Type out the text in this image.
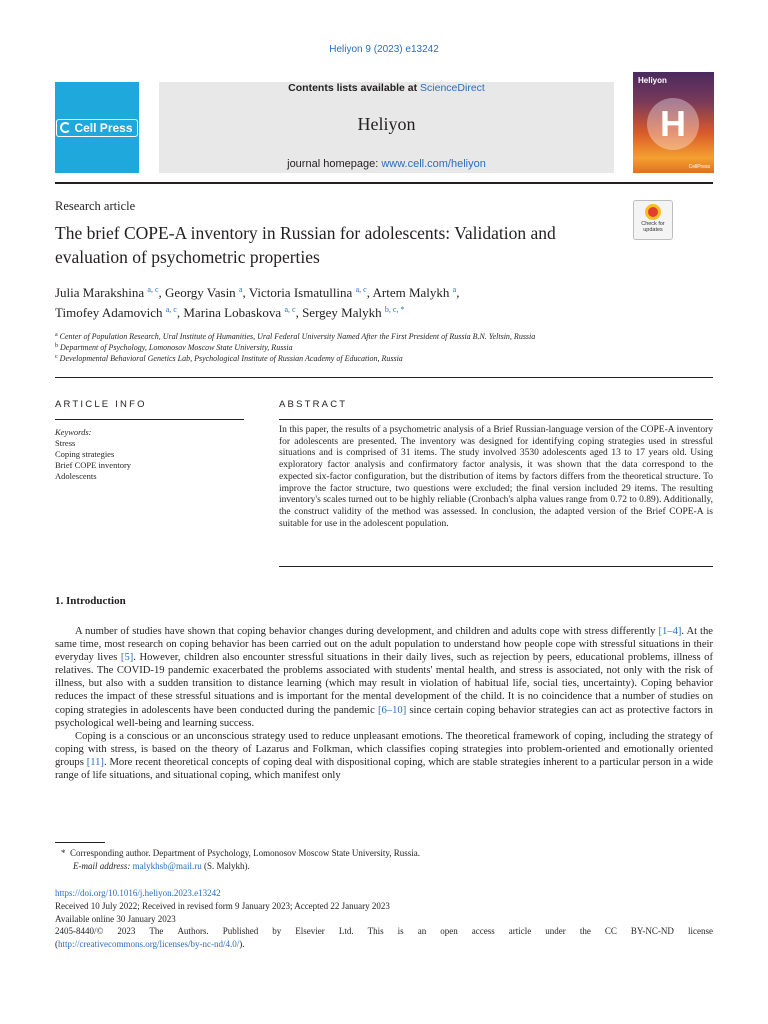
Heliyon 9 (2023) e13242
Cell Press
Contents lists available at ScienceDirect
Heliyon
journal homepage: www.cell.com/heliyon
Heliyon
H
CellPress
Research article
Check for updates
The brief COPE-A inventory in Russian for adolescents: Validation and evaluation of psychometric properties
Julia Marakshina $^{a, c}$, Georgy Vasin $^a$, Victoria Ismatullina $^{a, c}$, Artem Malykh $^a$,
Timofey Adamovich $^{a, c}$, Marina Lobaskova $^{a, c}$, Sergey Malykh $^{b, c, *}$
$^a$ Center of Population Research, Ural Institute of Humanities, Ural Federal University Named After the First President of Russia B.N. Yeltsin, Russia
$^b$ Department of Psychology, Lomonosov Moscow State University, Russia
$^c$ Developmental Behavioral Genetics Lab, Psychological Institute of Russian Academy of Education, Russia
ARTICLE INFO	ABSTRACT
Keywords:
Stress
Coping strategies
Brief COPE inventory
Adolescents
In this paper, the results of a psychometric analysis of a Brief Russian-language version of the COPE-A inventory for adolescents are presented. The inventory was designed for identifying coping strategies used in stressful situations and is comprised of 31 items. The study involved 3530 adolescents aged 13 to 17 years old. Using exploratory factor analysis and confirmatory factor analysis, it was shown that the data correspond to the expected six-factor configuration, but the distribution of items by factors differs from the theoretical structure. To improve the factor structure, two questions were excluded; the final version included 29 items. The resulting inventory's scales turned out to be highly reliable (Cronbach's alpha values range from 0.72 to 0.89). Additionally, the construct validity of the method was assessed. In conclusion, the adapted version of the Brief COPE-A is suitable for use in the adolescent population.
1. Introduction

A number of studies have shown that coping behavior changes during development, and children and adults cope with stress differently [1–4]. At the same time, most research on coping behavior has been carried out on the adult population to understand how people cope with stressful situations in their everyday lives [5]. However, children also encounter stressful situations in their daily lives, such as rejection by peers, educational problems, illness of relatives. The COVID-19 pandemic exacerbated the problems associated with students' mental health, and stress is associated, not only with the risk of illness, but also with a sudden transition to distance learning (which may result in violation of habitual life, social ties, uncertainty). Coping behavior reduces the impact of these stressful situations and is important for the mental development of the child. It is no coincidence that a number of studies on coping strategies in adolescents have been conducted during the pandemic [6–10] since certain coping behavior strategies can act as protective factors in psychological well-being and learning success.

Coping is a conscious or an unconscious strategy used to reduce unpleasant emotions. The theoretical framework of coping, including the strategy of coping with stress, is based on the theory of Lazarus and Folkman, which classifies coping strategies into problem-oriented and emotionally oriented groups [11]. More recent theoretical concepts of coping deal with dispositional coping, which are stable strategies inherent to a particular person in a wide range of life situations, and situational coping, which manifest only

* Corresponding author. Department of Psychology, Lomonosov Moscow State University, Russia.
E-mail address: malykhsb@mail.ru (S. Malykh).
https://doi.org/10.1016/j.heliyon.2023.e13242
Received 10 July 2022; Received in revised form 9 January 2023; Accepted 22 January 2023
Available online 30 January 2023
2405-8440/© 2023 The Authors. Published by Elsevier Ltd. This is an open access article under the CC BY-NC-ND license
(http://creativecommons.org/licenses/by-nc-nd/4.0/).
